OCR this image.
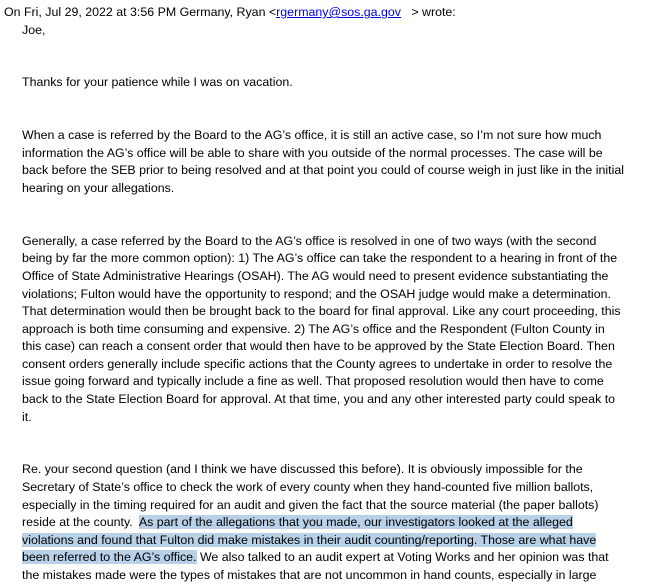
On Fri, Jul 29, 2022 at 3:56 PM Germany, Ryan <rgermany@sos.ga.gov > wrote:
Joe,
Thanks for your patience while I was on vacation.
When a case is referred by the Board to the AG’s office, it is still an active case, so I’m not sure how much
information the AG’s office will be able to share with you outside of the normal processes. The case will be
back before the SEB prior to being resolved and at that point you could of course weigh in just like in the initial
hearing on your allegations.
Generally, a case referred by the Board to the AG’s office is resolved in one of two ways (with the second
being by far the more common option): 1) The AG’s office can take the respondent to a hearing in front of the
Office of State Administrative Hearings (OSAH). The AG would need to present evidence substantiating the
violations; Fulton would have the opportunity to respond; and the OSAH judge would make a determination.
That determination would then be brought back to the board for final approval. Like any court proceeding, this
approach is both time consuming and expensive. 2) The AG’s office and the Respondent (Fulton County in
this case) can reach a consent order that would then have to be approved by the State Election Board. Then
consent orders generally include specific actions that the County agrees to undertake in order to resolve the
issue going forward and typically include a fine as well. That proposed resolution would then have to come
back to the State Election Board for approval. At that time, you and any other interested party could speak to
it.
Re. your second question (and I think we have discussed this before). It is obviously impossible for the
Secretary of State’s office to check the work of every county when they hand-counted five million ballots,
especially in the timing required for an audit and given the fact that the source material (the paper ballots)
reside at the county.  As part of the allegations that you made, our investigators looked at the alleged
violations and found that Fulton did make mistakes in their audit counting/reporting. Those are what have
been referred to the AG’s office. We also talked to an audit expert at Voting Works and her opinion was that
the mistakes made were the types of mistakes that are not uncommon in hand counts, especially in large
